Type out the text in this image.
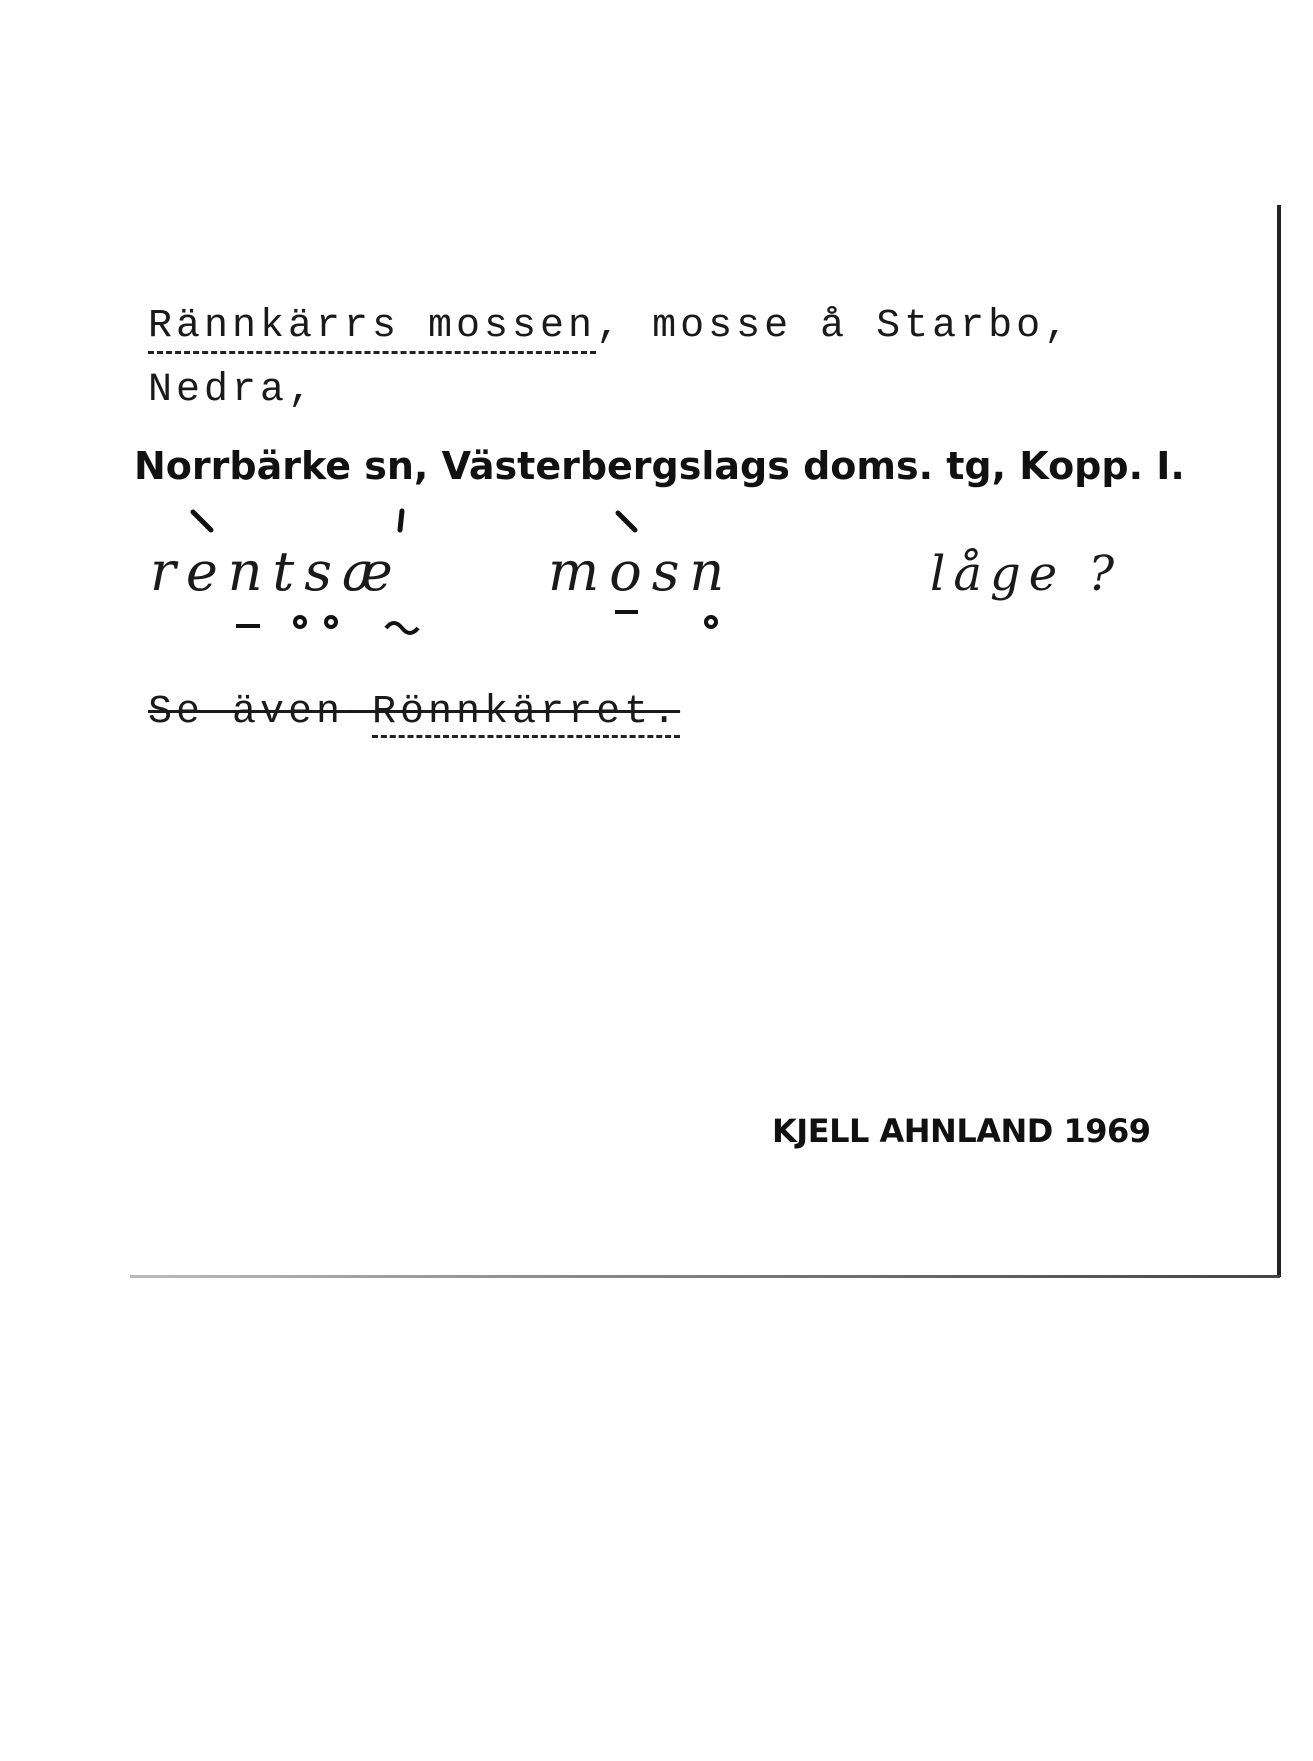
Rännkärrs mossen, mosse å Starbo,
Nedra,
Norrbärke sn, Västerbergslags doms. tg, Kopp. I.
rentsæ	mosn	låge ?
Se även Rönnkärret.
KJELL AHNLAND 1969
